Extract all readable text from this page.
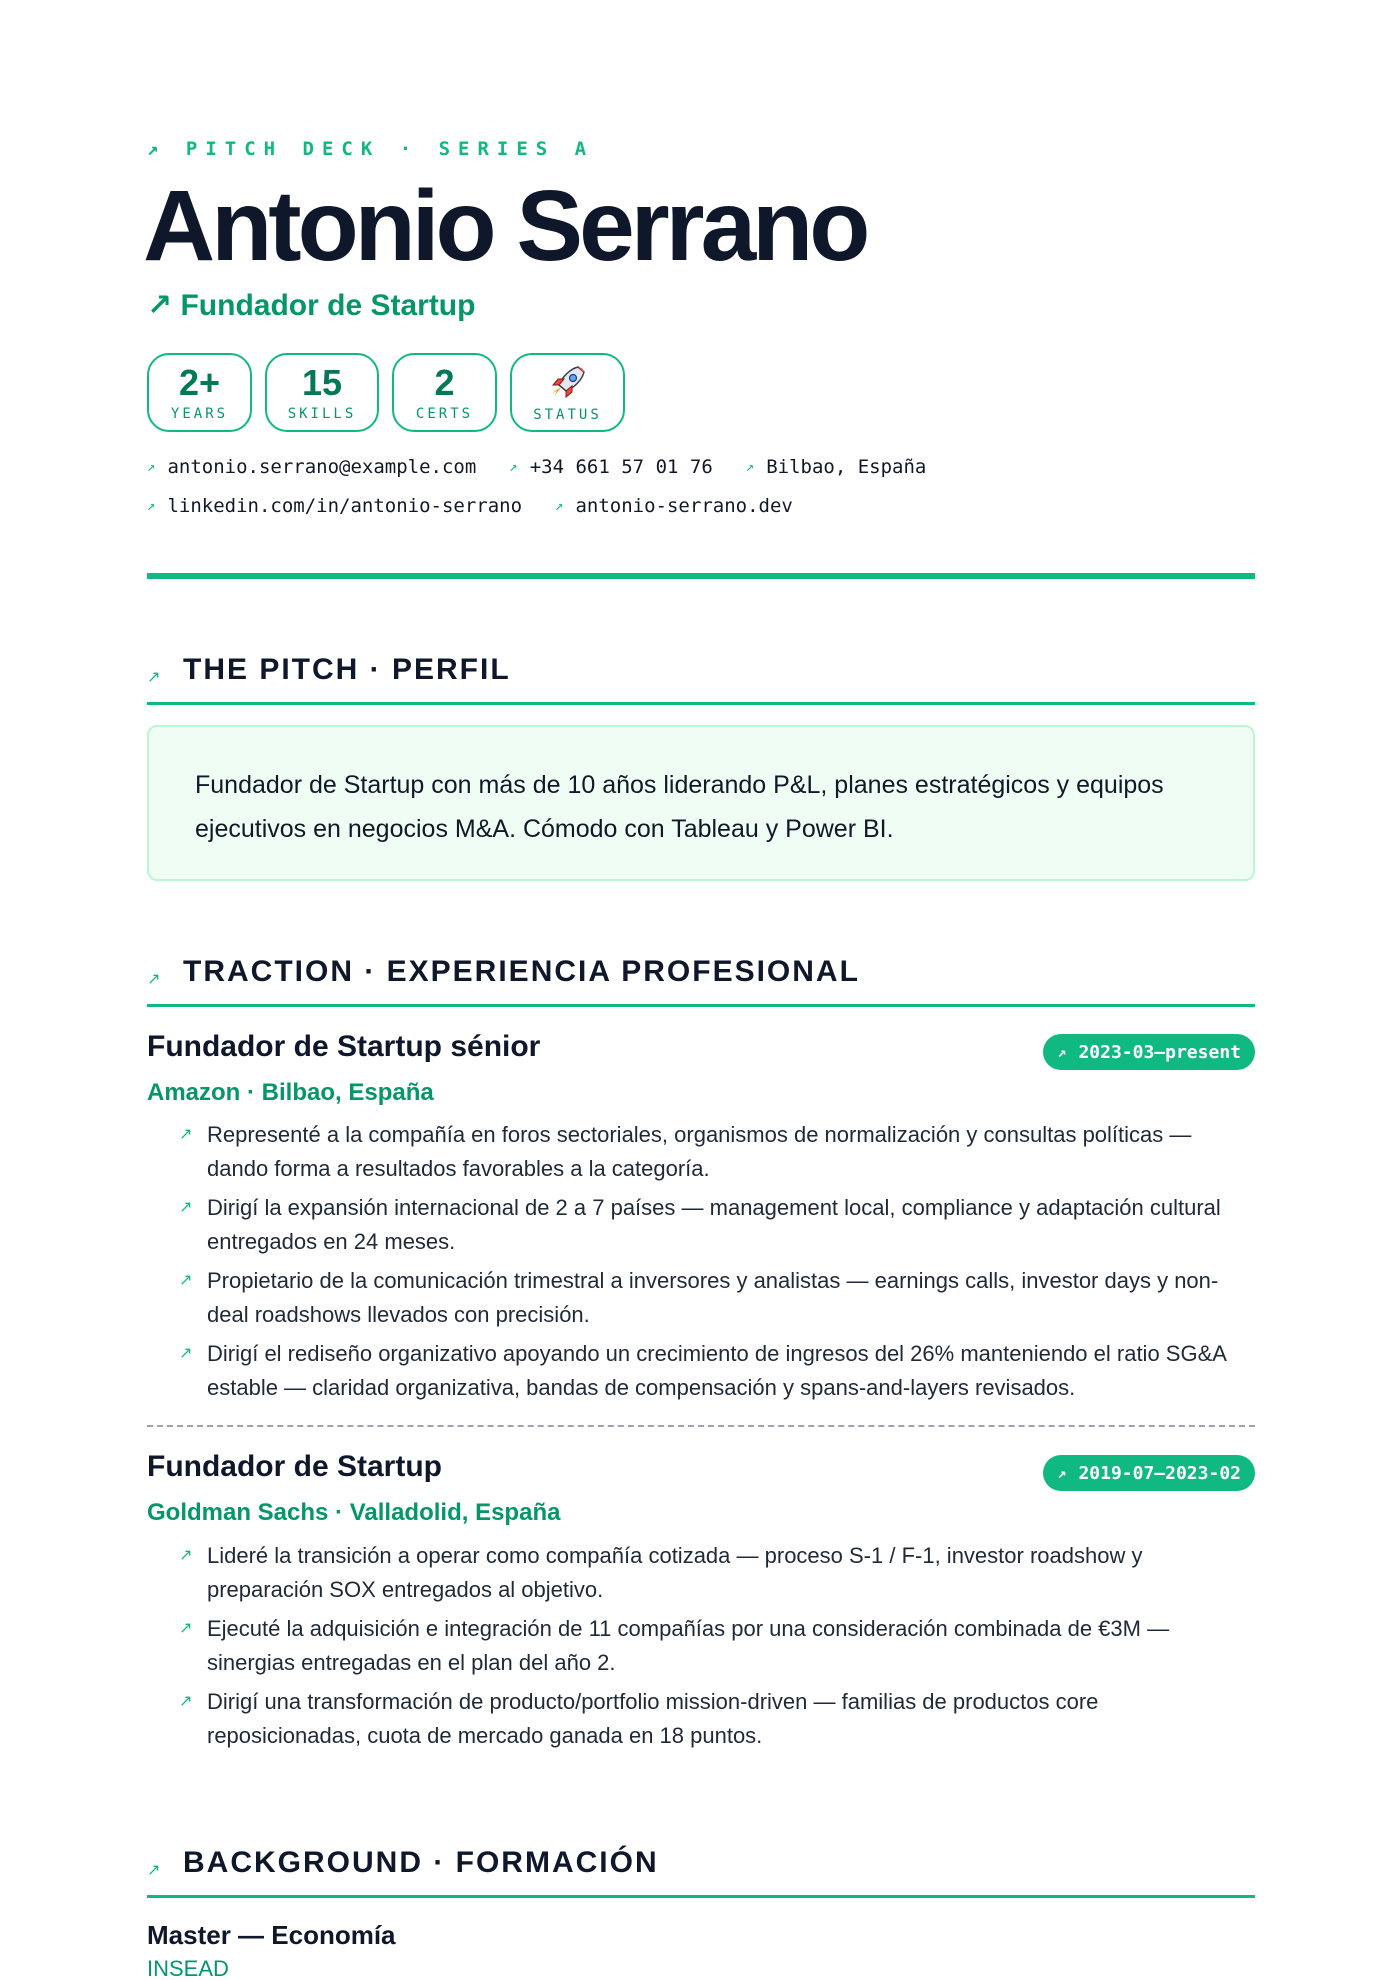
↗ PITCH DECK · SERIES A
Antonio Serrano
↗ Fundador de Startup
2+
YEARS
15
SKILLS
2
CERTS	STATUS
↗ antonio.serrano@example.com ↗ +34 661 57 01 76 ↗ Bilbao, España
↗ linkedin.com/in/antonio-serrano ↗ antonio-serrano.dev
↗ THE PITCH · PERFIL
Fundador de Startup con más de 10 años liderando P&L, planes estratégicos y equipos ejecutivos en negocios M&A. Cómodo con Tableau y Power BI.
↗ TRACTION · EXPERIENCIA PROFESIONAL
Fundador de Startup sénior	↗ 2023-03—present
Amazon · Bilbao, España
↗ Representé a la compañía en foros sectoriales, organismos de normalización y consultas políticas — dando forma a resultados favorables a la categoría.
↗ Dirigí la expansión internacional de 2 a 7 países — management local, compliance y adaptación cultural entregados en 24 meses.
↗ Propietario de la comunicación trimestral a inversores y analistas — earnings calls, investor days y non-deal roadshows llevados con precisión.
↗ Dirigí el rediseño organizativo apoyando un crecimiento de ingresos del 26% manteniendo el ratio SG&A estable — claridad organizativa, bandas de compensación y spans-and-layers revisados.
Fundador de Startup	↗ 2019-07—2023-02
Goldman Sachs · Valladolid, España
↗ Lideré la transición a operar como compañía cotizada — proceso S-1 / F-1, investor roadshow y preparación SOX entregados al objetivo.
↗ Ejecuté la adquisición e integración de 11 compañías por una consideración combinada de €3M — sinergias entregadas en el plan del año 2.
↗ Dirigí una transformación de producto/portfolio mission-driven — familias de productos core reposicionadas, cuota de mercado ganada en 18 puntos.
↗ BACKGROUND · FORMACIÓN
Master — Economía
INSEAD
